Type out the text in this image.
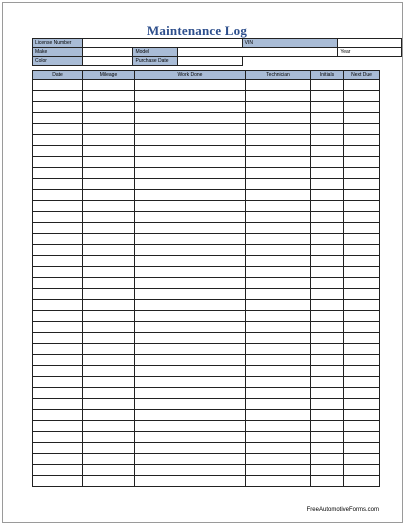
Maintenance Log
License Number				VIN	
Make		Model			Year
Color		Purchase Date			
Date	Mileage	Work Done	Technician	Initials	Next Due

FreeAutomotiveForms.com
